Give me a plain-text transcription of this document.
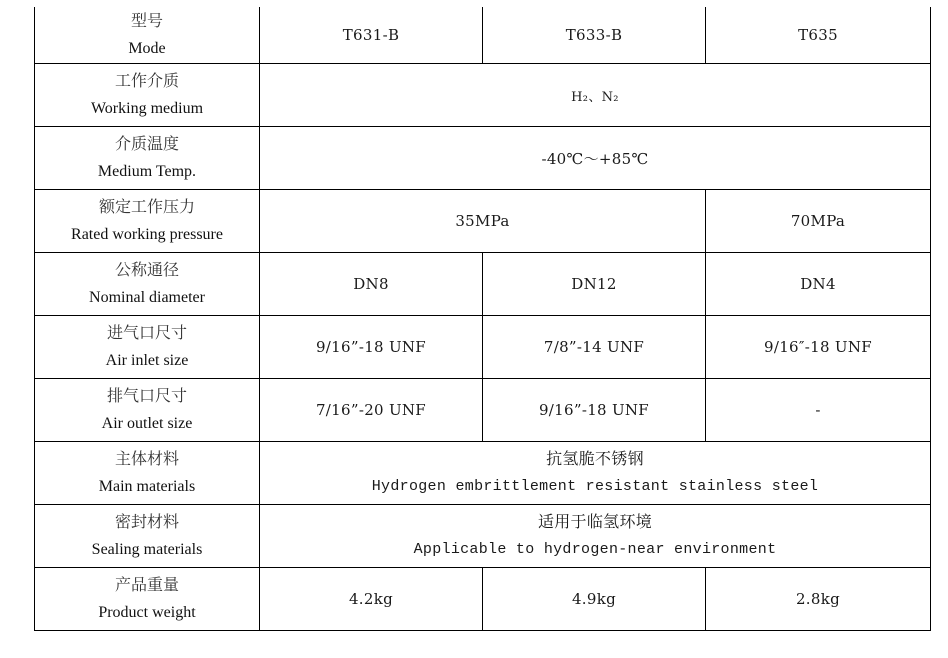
型号
Mode	T631-B	T633-B	T635

工作介质
Working medium	H₂、N₂		

介质温度
Medium Temp.	-40℃～+85℃		

额定工作压力
Rated working pressure	35MPa		70MPa

公称通径
Nominal diameter	DN8	DN12	DN4

进气口尺寸
Air inlet size	9/16”-18 UNF	7/8”-14 UNF	9/16″-18 UNF

排气口尺寸
Air outlet size	7/16”-20 UNF	9/16”-18 UNF	-

主体材料
Main materials	抗氢脆不锈钢
Hydrogen embrittlement resistant stainless steel		

密封材料
Sealing materials	适用于临氢环境
Applicable to hydrogen-near environment		

产品重量
Product weight	4.2kg	4.9kg	2.8kg
